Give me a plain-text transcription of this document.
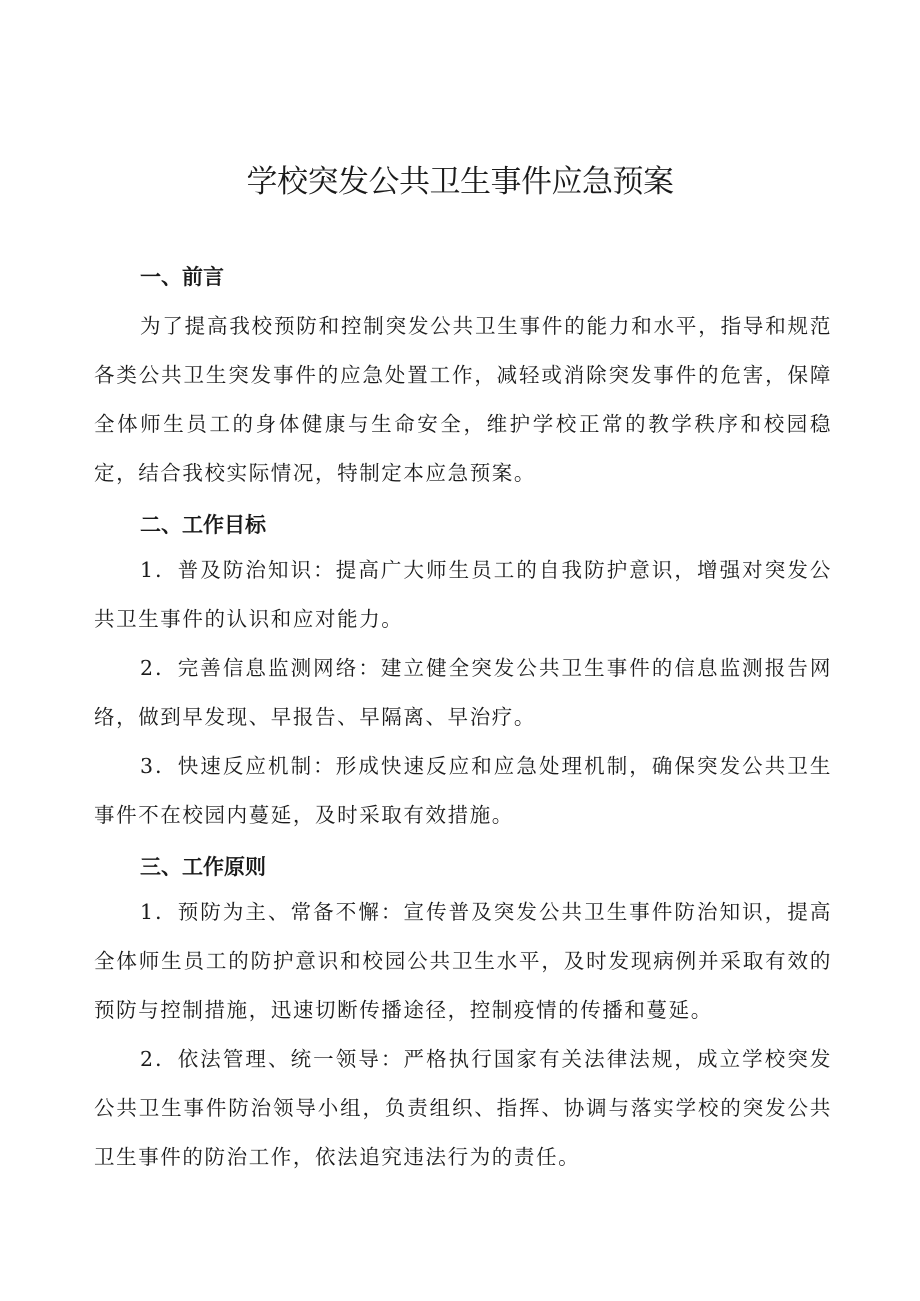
学校突发公共卫生事件应急预案
一、前言

为了提高我校预防和控制突发公共卫生事件的能力和水平，指导和规范各类公共卫生突发事件的应急处置工作，减轻或消除突发事件的危害，保障全体师生员工的身体健康与生命安全，维护学校正常的教学秩序和校园稳定，结合我校实际情况，特制定本应急预案。

二、工作目标

1．普及防治知识：提高广大师生员工的自我防护意识，增强对突发公共卫生事件的认识和应对能力。

2．完善信息监测网络：建立健全突发公共卫生事件的信息监测报告网络，做到早发现、早报告、早隔离、早治疗。

3．快速反应机制：形成快速反应和应急处理机制，确保突发公共卫生事件不在校园内蔓延，及时采取有效措施。

三、工作原则

1．预防为主、常备不懈：宣传普及突发公共卫生事件防治知识，提高全体师生员工的防护意识和校园公共卫生水平，及时发现病例并采取有效的预防与控制措施，迅速切断传播途径，控制疫情的传播和蔓延。

2．依法管理、统一领导：严格执行国家有关法律法规，成立学校突发公共卫生事件防治领导小组，负责组织、指挥、协调与落实学校的突发公共卫生事件的防治工作，依法追究违法行为的责任。
